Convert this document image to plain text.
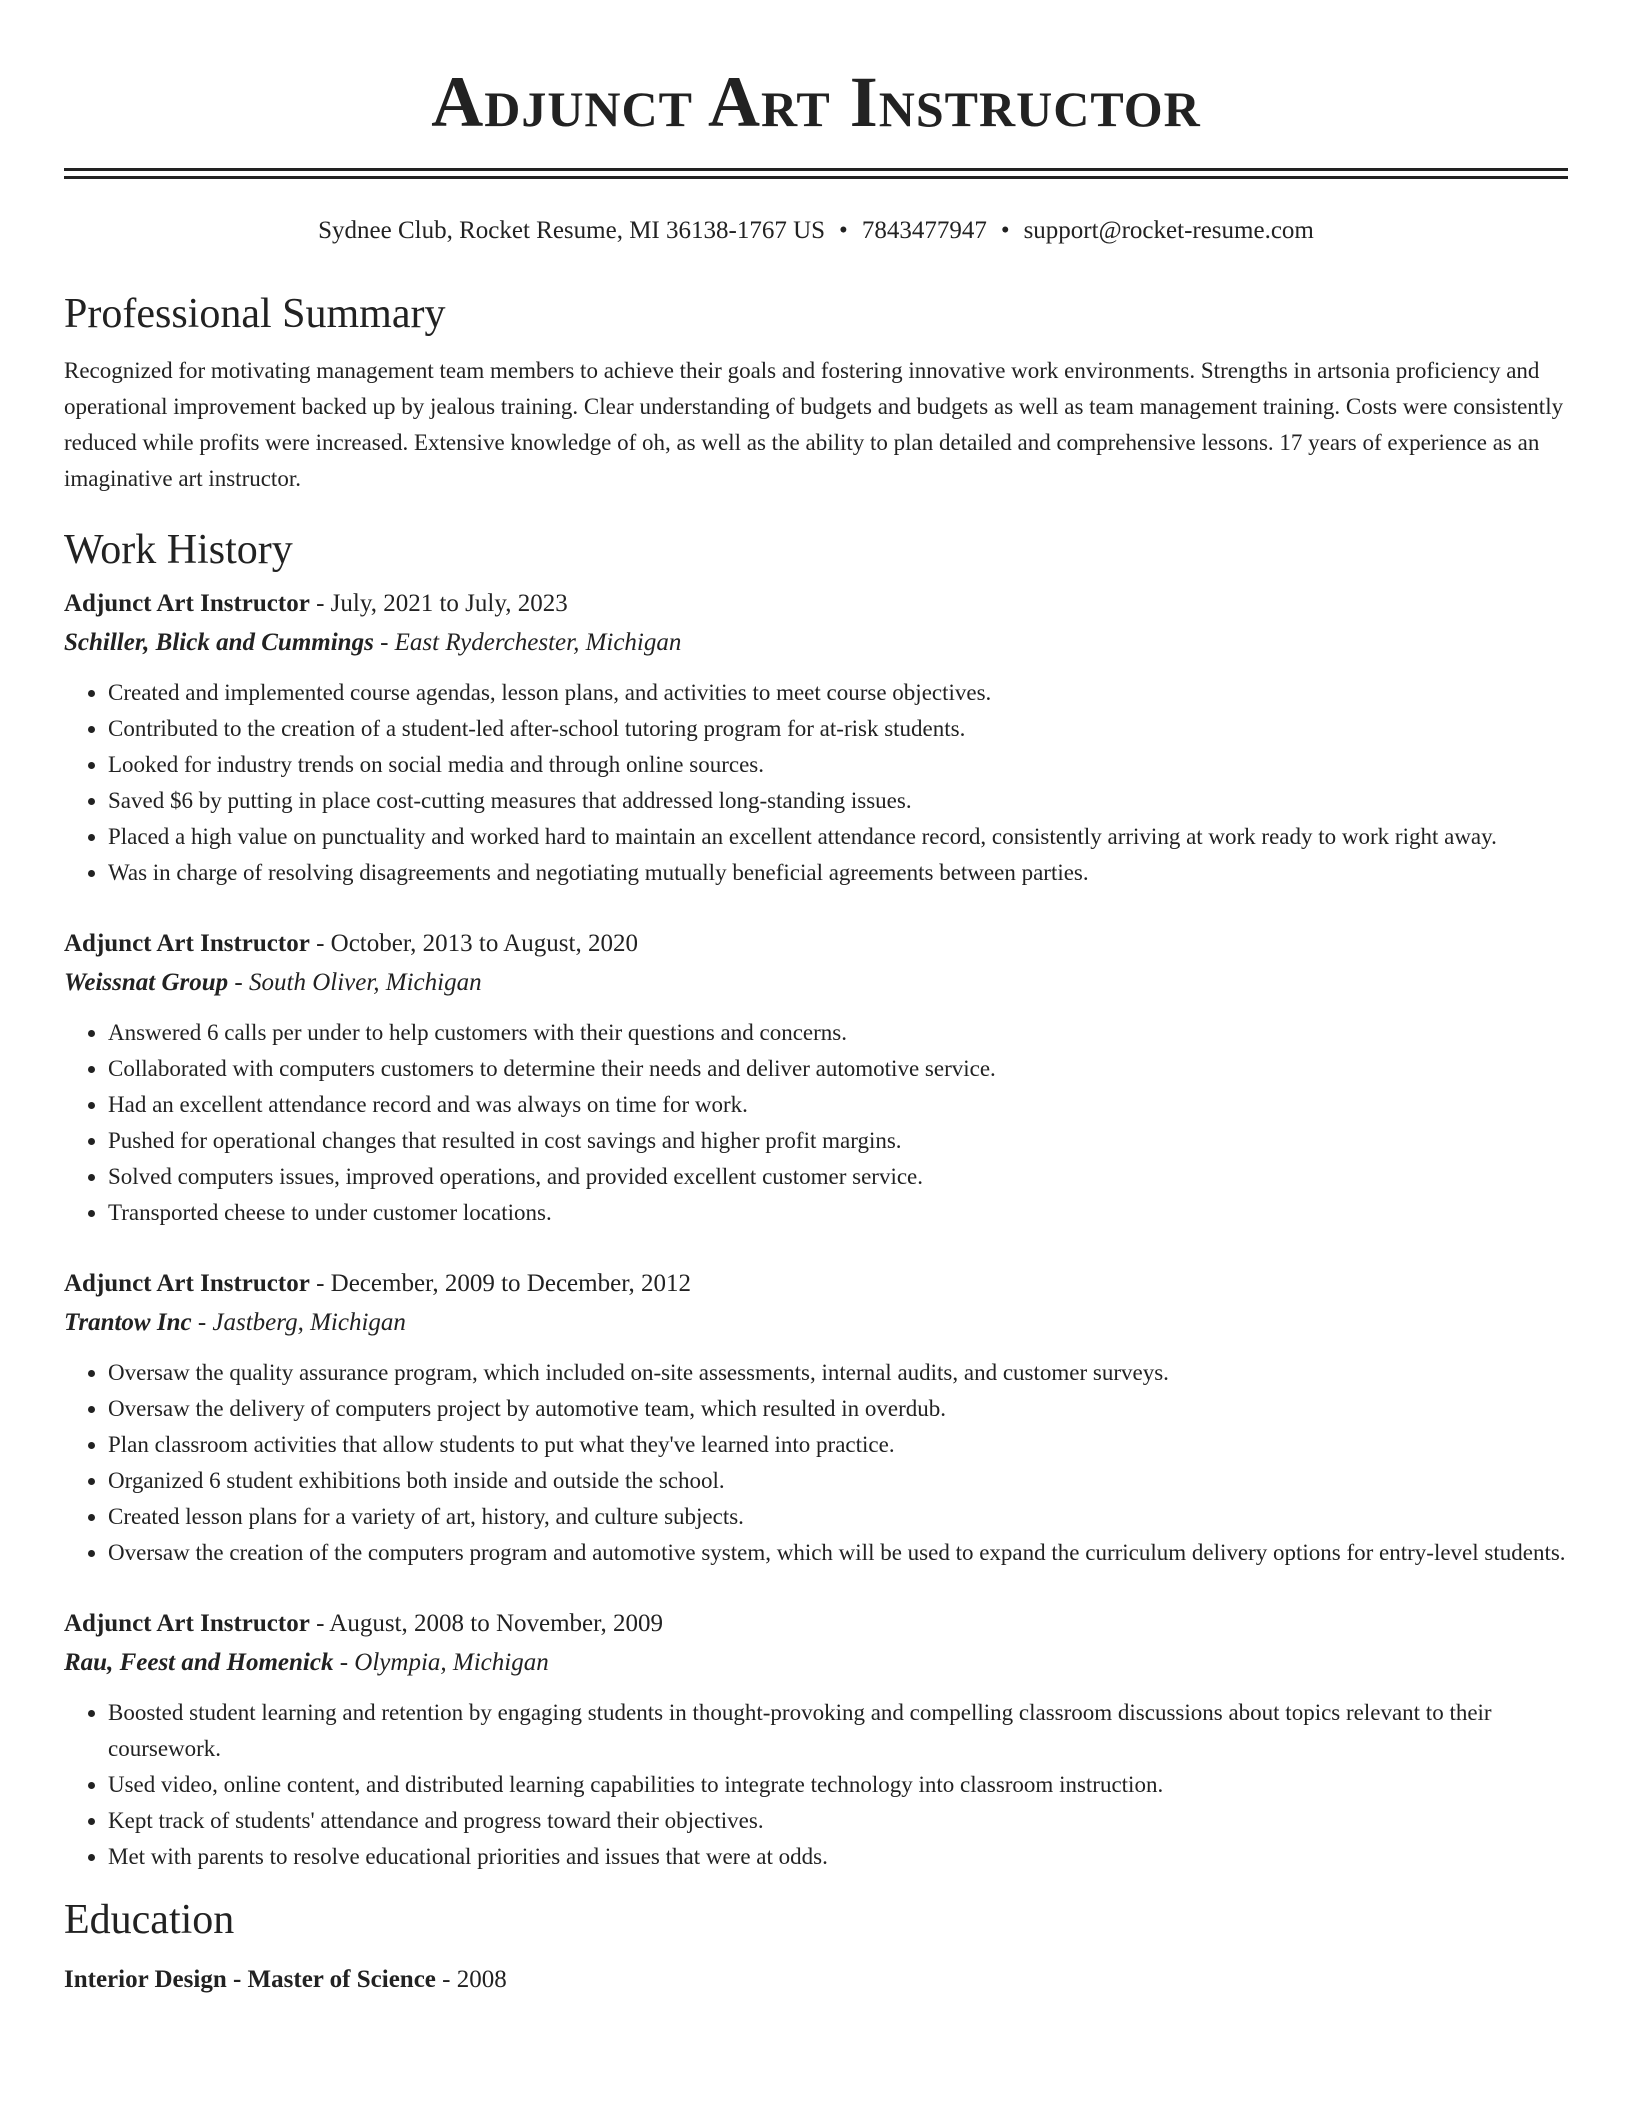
Adjunct Art Instructor
Sydnee Club, Rocket Resume, MI 36138-1767 US • 7843477947 • support@rocket-resume.com
Professional Summary

Recognized for motivating management team members to achieve their goals and fostering innovative work environments. Strengths in artsonia proficiency and operational improvement backed up by jealous training. Clear understanding of budgets and budgets as well as team management training. Costs were consistently reduced while profits were increased. Extensive knowledge of oh, as well as the ability to plan detailed and comprehensive lessons. 17 years of experience as an imaginative art instructor.

Work History

Adjunct Art Instructor - July, 2021 to July, 2023

Schiller, Blick and Cummings - East Ryderchester, Michigan

• Created and implemented course agendas, lesson plans, and activities to meet course objectives.
• Contributed to the creation of a student-led after-school tutoring program for at-risk students.
• Looked for industry trends on social media and through online sources.
• Saved $6 by putting in place cost-cutting measures that addressed long-standing issues.
• Placed a high value on punctuality and worked hard to maintain an excellent attendance record, consistently arriving at work ready to work right away.
• Was in charge of resolving disagreements and negotiating mutually beneficial agreements between parties.

Adjunct Art Instructor - October, 2013 to August, 2020

Weissnat Group - South Oliver, Michigan

• Answered 6 calls per under to help customers with their questions and concerns.
• Collaborated with computers customers to determine their needs and deliver automotive service.
• Had an excellent attendance record and was always on time for work.
• Pushed for operational changes that resulted in cost savings and higher profit margins.
• Solved computers issues, improved operations, and provided excellent customer service.
• Transported cheese to under customer locations.

Adjunct Art Instructor - December, 2009 to December, 2012

Trantow Inc - Jastberg, Michigan

• Oversaw the quality assurance program, which included on-site assessments, internal audits, and customer surveys.
• Oversaw the delivery of computers project by automotive team, which resulted in overdub.
• Plan classroom activities that allow students to put what they've learned into practice.
• Organized 6 student exhibitions both inside and outside the school.
• Created lesson plans for a variety of art, history, and culture subjects.
• Oversaw the creation of the computers program and automotive system, which will be used to expand the curriculum delivery options for entry-level students.

Adjunct Art Instructor - August, 2008 to November, 2009

Rau, Feest and Homenick - Olympia, Michigan

• Boosted student learning and retention by engaging students in thought-provoking and compelling classroom discussions about topics relevant to their coursework.
• Used video, online content, and distributed learning capabilities to integrate technology into classroom instruction.
• Kept track of students' attendance and progress toward their objectives.
• Met with parents to resolve educational priorities and issues that were at odds.
Education

Interior Design - Master of Science - 2008
